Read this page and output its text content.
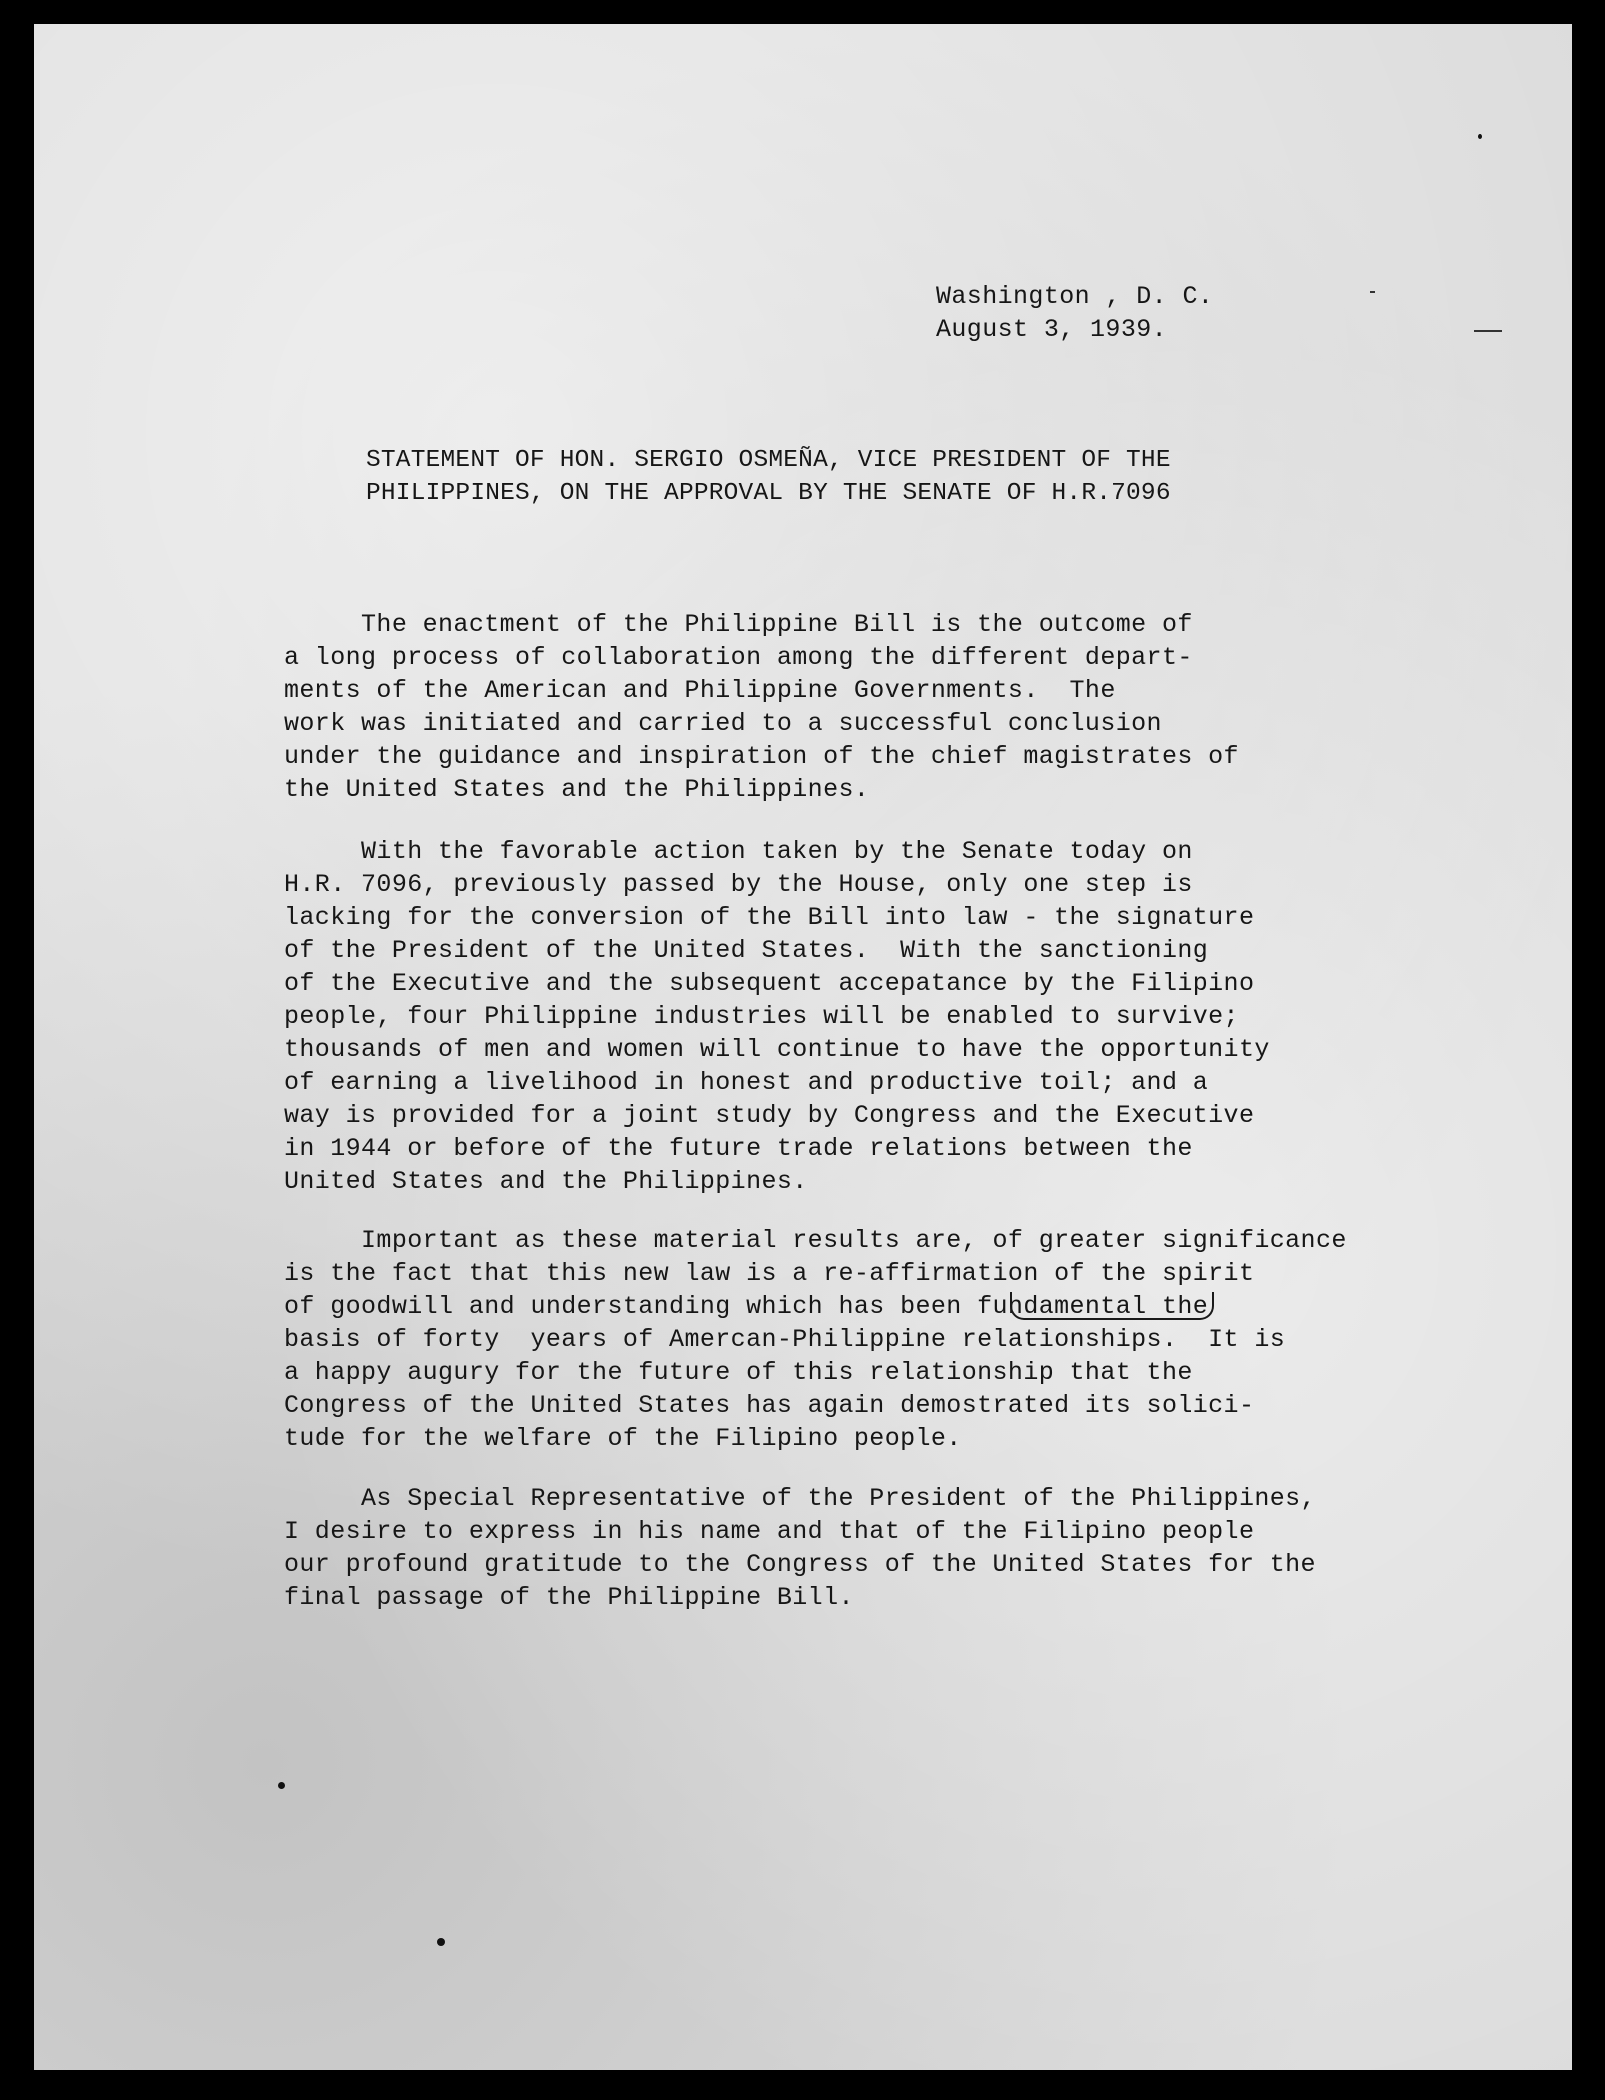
Washington , D. C.

August 3, 1939.

STATEMENT OF HON. SERGIO OSMEÑA, VICE PRESIDENT OF THE

PHILIPPINES, ON THE APPROVAL BY THE SENATE OF H.R.7096

The enactment of the Philippine Bill is the outcome of

a long process of collaboration among the different depart-

ments of the American and Philippine Governments.  The

work was initiated and carried to a successful conclusion

under the guidance and inspiration of the chief magistrates of

the United States and the Philippines.

With the favorable action taken by the Senate today on

H.R. 7096, previously passed by the House, only one step is

lacking for the conversion of the Bill into law - the signature

of the President of the United States.  With the sanctioning

of the Executive and the subsequent accepatance by the Filipino

people, four Philippine industries will be enabled to survive;

thousands of men and women will continue to have the opportunity

of earning a livelihood in honest and productive toil; and a

way is provided for a joint study by Congress and the Executive

in 1944 or before of the future trade relations between the

United States and the Philippines.

Important as these material results are, of greater significance

is the fact that this new law is a re-affirmation of the spirit

of goodwill and understanding which has been fundamental the

basis of forty  years of Amercan-Philippine relationships.  It is

a happy augury for the future of this relationship that the

Congress of the United States has again demostrated its solici-

tude for the welfare of the Filipino people.

As Special Representative of the President of the Philippines,

I desire to express in his name and that of the Filipino people

our profound gratitude to the Congress of the United States for the

final passage of the Philippine Bill.
